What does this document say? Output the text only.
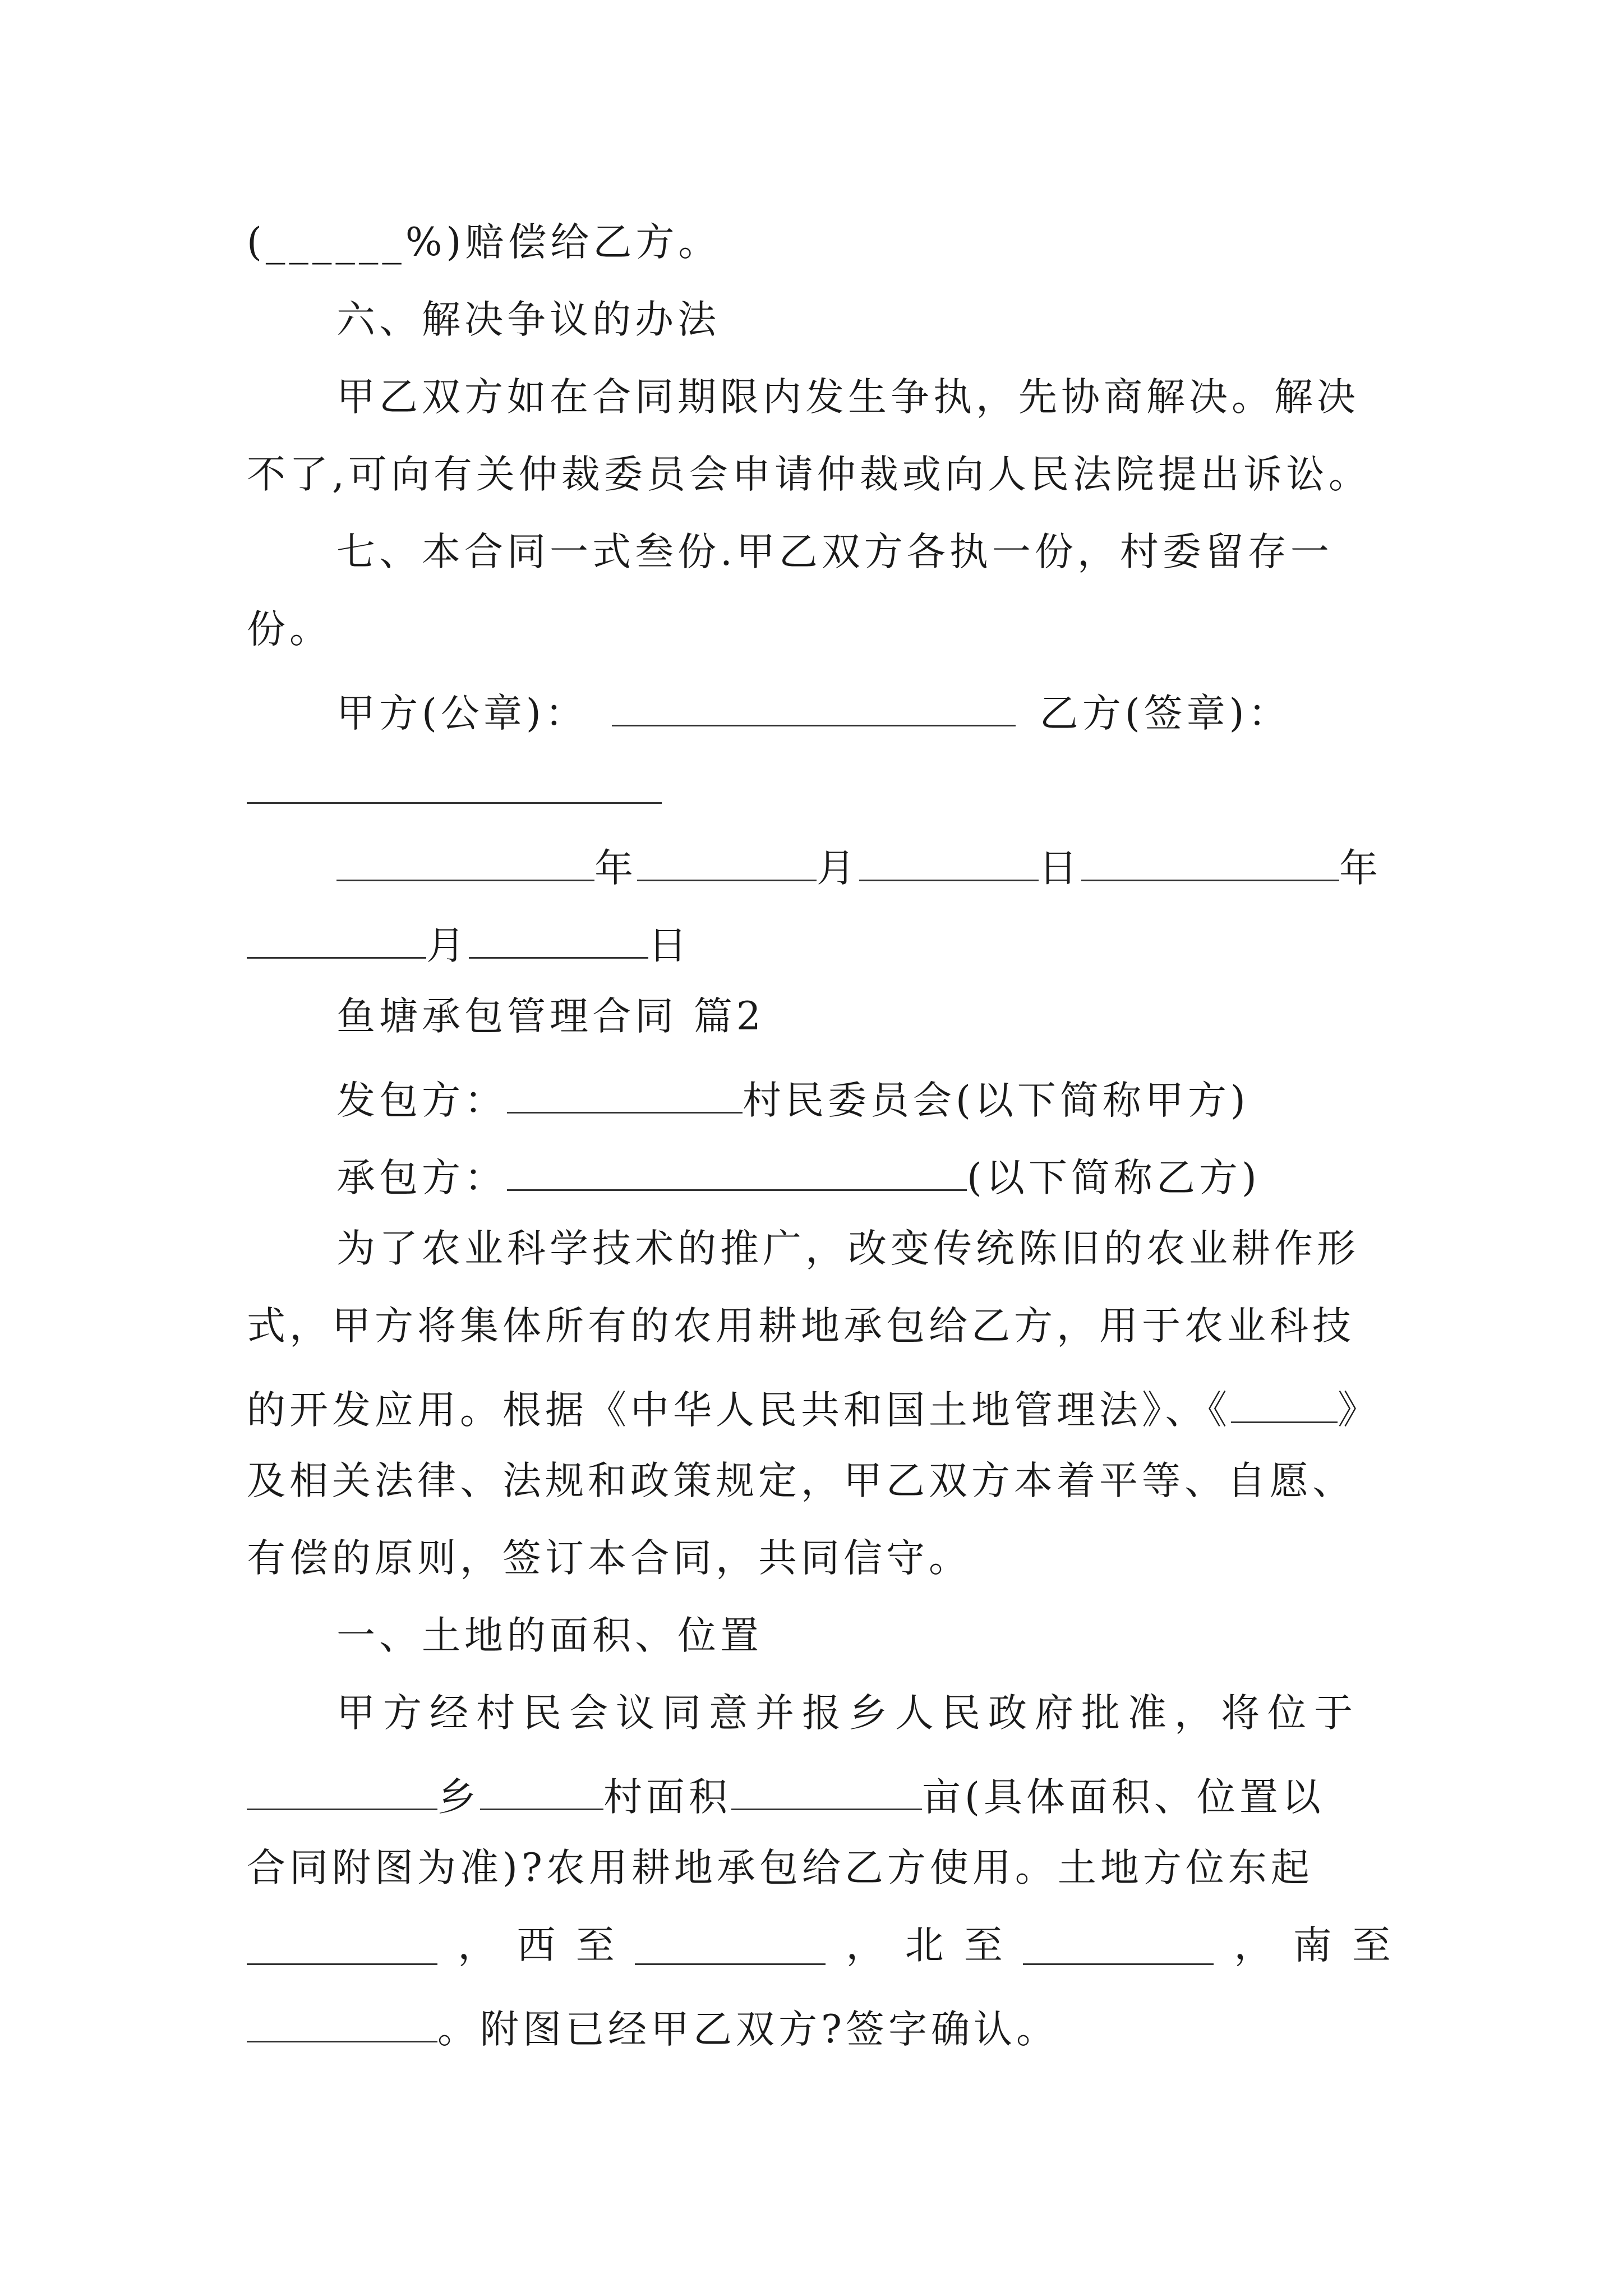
(______%)赔偿给乙方。
六、解决争议的办法
甲乙双方如在合同期限内发生争执，先协商解决。解决
不了,可向有关仲裁委员会申请仲裁或向人民法院提出诉讼。
七、本合同一式叁份.甲乙双方各执一份，村委留存一
份。
甲方(公章)：	乙方(签章)：
年	月	日	年
月	日
鱼塘承包管理合同 篇2
发包方：	村民委员会(以下简称甲方)
承包方：	(以下简称乙方)
为了农业科学技术的推广，改变传统陈旧的农业耕作形
式，甲方将集体所有的农用耕地承包给乙方，用于农业科技
的开发应用。根据《中华人民共和国土地管理法》、《	》
及相关法律、法规和政策规定，甲乙双方本着平等、自愿、
有偿的原则，签订本合同，共同信守。
一、土地的面积、位置
甲方经村民会议同意并报乡人民政府批准，将位于
乡	村面积	亩(具体面积、位置以
合同附图为准)?农用耕地承包给乙方使用。土地方位东起
， 西 至	， 北 至	， 南 至
。附图已经甲乙双方?签字确认。
